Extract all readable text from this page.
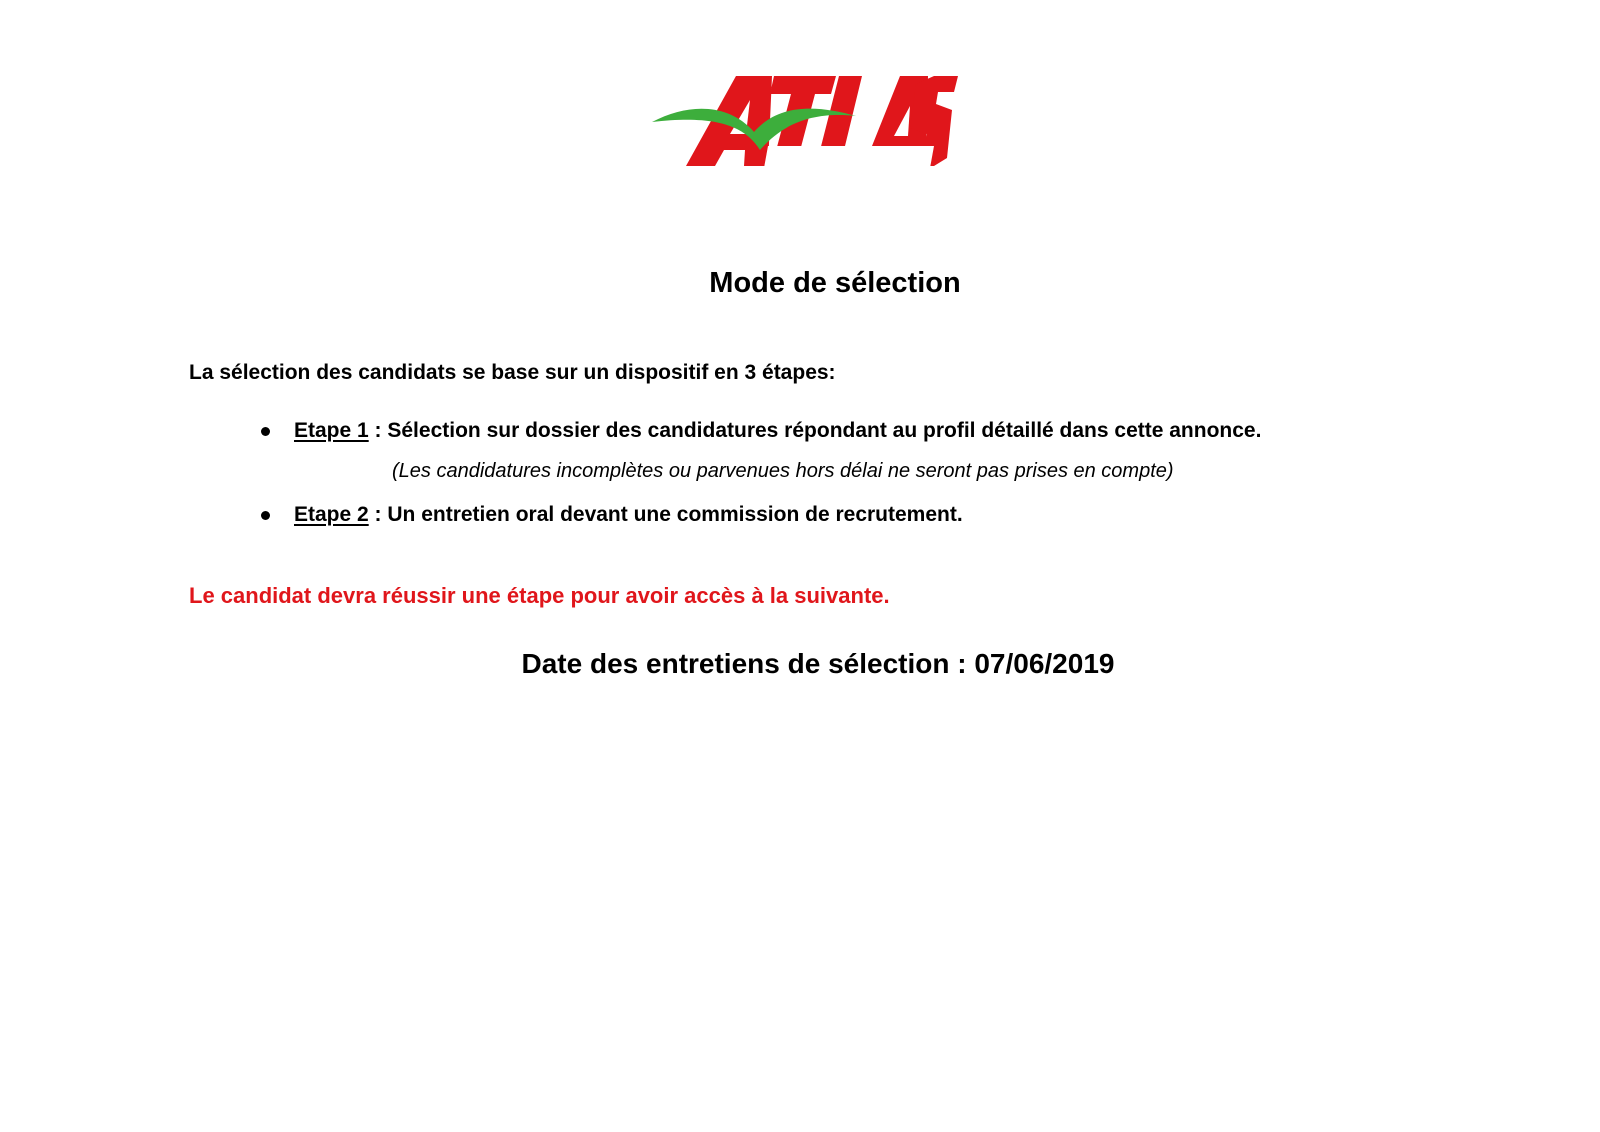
Mode de sélection

La sélection des candidats se base sur un dispositif en 3 étapes:

Etape 1 : Sélection sur dossier des candidatures répondant au profil détaillé dans cette annonce.

(Les candidatures incomplètes ou parvenues hors délai ne seront pas prises en compte)

Etape 2 : Un entretien oral devant une commission de recrutement.

Le candidat devra réussir une étape pour avoir accès à la suivante.

Date des entretiens de sélection : 07/06/2019
